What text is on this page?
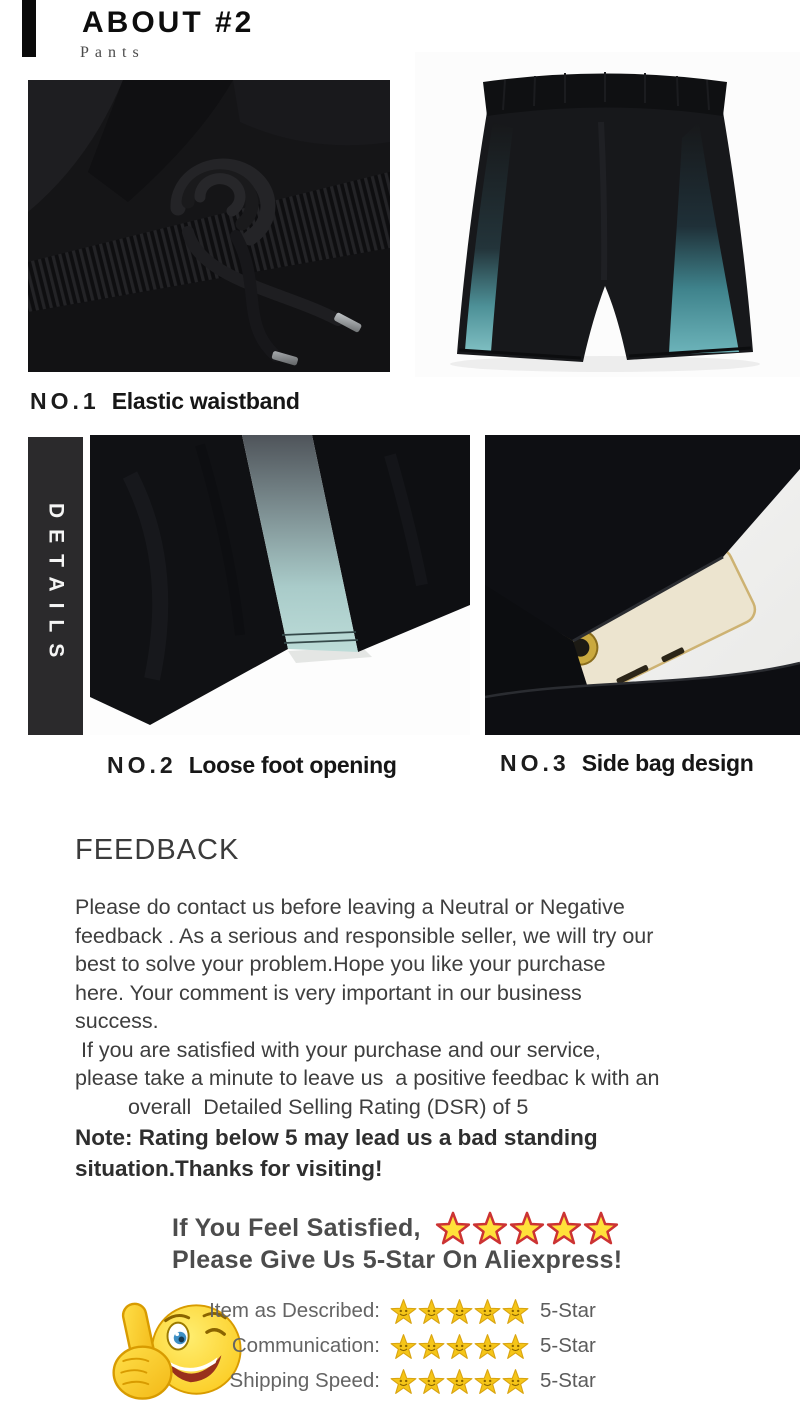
ABOUT #2
Pants
NO.1 Elastic waistband
DETAILS
NO.2 Loose foot opening	NO.3 Side bag design
FEEDBACK
Please do contact us before leaving a Neutral or Negative
feedback . As a serious and responsible seller, we will try our
best to solve your problem.Hope you like your purchase
here. Your comment is very important in our business
success.
If you are satisfied with your purchase and our service,
please take a minute to leave us  a positive feedbac k with an
overall  Detailed Selling Rating (DSR) of 5
Note: Rating below 5 may lead us a bad standing
situation.Thanks for visiting!
If You Feel Satisfied,
Please Give Us 5-Star On Aliexpress!
Item as Described:	5-Star
Communication:	5-Star
Shipping Speed:	5-Star
